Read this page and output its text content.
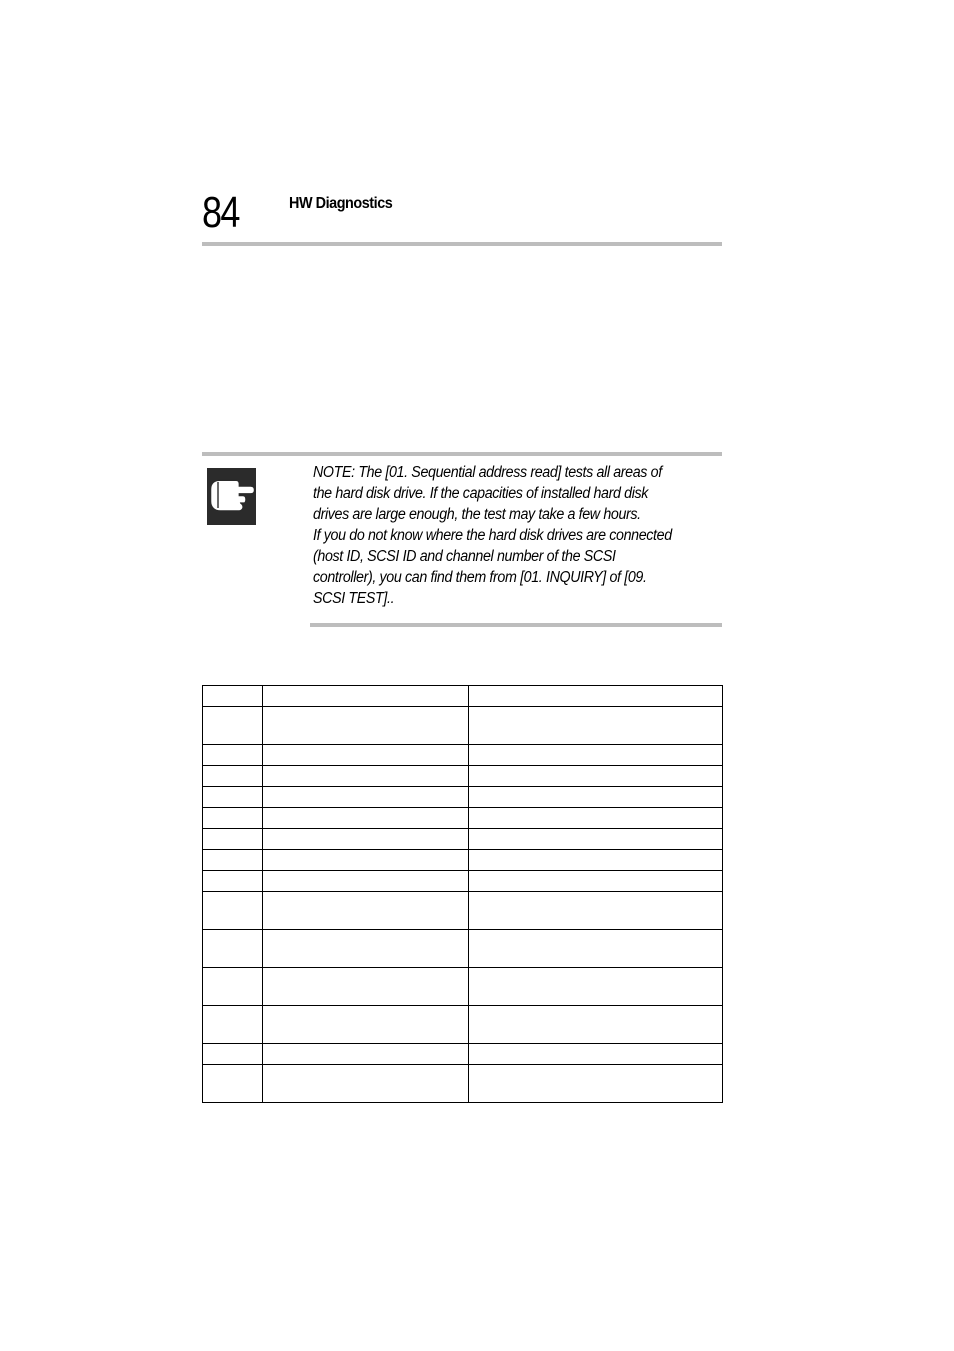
84	HW Diagnostics
NOTE: The [01. Sequential address read] tests all areas of
the hard disk drive. If the capacities of installed hard disk
drives are large enough, the test may take a few hours.
If you do not know where the hard disk drives are connected
(host ID, SCSI ID and channel number of the SCSI
controller), you can find them from [01. INQUIRY] of [09.
SCSI TEST]..
